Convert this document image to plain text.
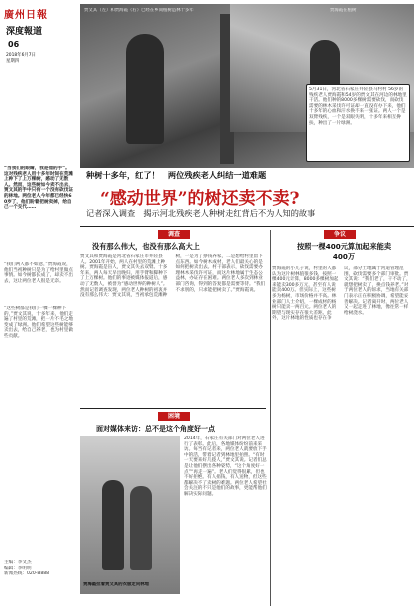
廣州日報
深度報道
06
2018年6月7日
星期四
贾海霞在植树
贾文其（左）和贾海霞（右）已经在乡间植树造林十多年
5月31日，河北省石家庄井陉县马村村 56岁的残疾老人贾海霞和54岁的贾文其在河边的林地里干活。他们种的8000多棵树需要砍伐，而砍伐需要的林木采伐许可证却一直没有办下来，他们十多年的心血和汗水换不来一张证。两人一个是双臂残疾，一个是双眼失明，十多年来相互搀扶，种出了一片绿洲。
“当我们的眼睛，我是他的手”。这对残疾老人用十多年时间在荒滩上种下了上万棵树，感动了无数人。然而，这些树如今卖不出去，贾文其的手中只有一个没有砍伐证的林地。两位老人今年都已经快60岁了，他们盼着把树卖掉，给自己一个交代……
“我们两人都不如意，”贾海霞说，他们当初种树只是为了给村里做点事情。如今树都长成了，却卖不出去，这让两位老人很是无奈。
“这些树都是我们一棵一棵种下的，”贾文其说，十多年来，他们走遍了村里的荒滩，把一片不毛之地变成了绿洲。他们希望这些树能够卖出去，给自己养老，也为村里做些贡献。
种树十多年，红了！　两位残疾老人纠结一道难题
“感动世界”的树还卖不卖?
记者深入调查　揭示河北残疾老人种树走红背后不为人知的故事
调查
没有那么伟大，也没有那么高大上
贾文其和贾海霞是河北省石家庄市井陉县人。2001年开始，两人在村里的荒滩上种树。贾海霞是盲人，贾文其失去双臂。十多年来，两人每天早出晚归，用手臂和脚种下了上万棵树。他们的事迹被媒体报道后，感动了无数人，被誉为“感动世界的种树人”。然而记者调查发现，两位老人种树的初衷并没有那么伟大：贾文其说，当初承包荒滩种树，一是为了挣钱养家，二是想给村里留下点东西。如今树木成材，老人们最关心的是如何把树卖出去。村干部表示，砍伐需要办理林木采伐许可证，而这片林地属于生态公益林，办证存在困难。两位老人多次到林业部门咨询，得到的答复都是需要等待。“我们不求别的，只求能把树卖了。”贾海霞说。
困境
面对媒体来访：总不是这个角度好一点
贾海霞拉着贾文其的衣服走向林地
2014年，石家庄有关部门对两位老人进行了表彰。此后，各地媒体纷纷前来采访。每当有记者来，两位老人就要放下手中的活，带着记者到林地里拍照。“有时一天要来好几拨人，”贾文其说。记者们总是让他们摆出各种姿势，“这个角度好一点”“再走一遍”。老人们觉得很累，但也不好拒绝。有人捐钱，有人送物，但这些都解决不了卖树的难题。两位老人希望社会关注的不只是他们的故事，更能帮他们解决实际问题。
争议
按照一棵400元算加起来能卖400万
贾海霞的小儿子说，村里的人都认为这片树林值很多钱，按照一棵400元计算，8000多棵树加起来能卖300多万元，甚至有人说能卖400万。但实际上，这些树多为杨树，市场价格并不高。林业部门人士介绍，一棵成材的杨树只能卖一两百元。两位老人的期望与现实存在很大差距。此外，这片林地的性质也存在争议，部分土地属于河道管理范围，砍伐需要多个部门审批。贾文其说：“我们老了，干不动了，就想把树卖了，换点钱养老。”对于两位老人的诉求，当地有关部门表示正在积极协调，希望能妥善解决。记者离开时，两位老人又一起走进了林地，像往常一样给树浇水。
主编：李文杰
编辑：李明明
新闻热线：020-8888
